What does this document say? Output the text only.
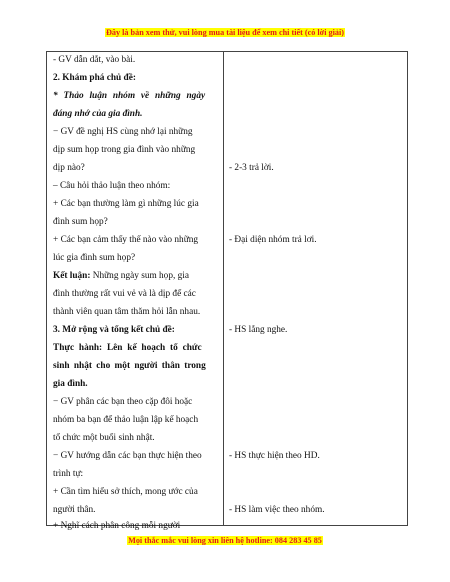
Đây là bản xem thử, vui lòng mua tài liệu để xem chi tiết (có lời giải)
- GV dẫn dắt, vào bài.
2. Khám phá chủ đề:
* Thảo luận nhóm về những ngày
đáng nhớ của gia đình.
− GV đề nghị HS cùng nhớ lại những
dịp sum họp trong gia đình vào những
dịp nào?
– Câu hỏi thảo luận theo nhóm:
+ Các bạn thường làm gì những lúc gia
đình sum họp?
+ Các bạn cảm thấy thế nào vào những
lúc gia đình sum họp?
Kết luận: Những ngày sum họp, gia
đình thường rất vui vẻ và là dịp để các
thành viên quan tâm thăm hỏi lẫn nhau.
3. Mở rộng và tổng kết chủ đề:
Thực hành: Lên kế hoạch tổ chức
sinh nhật cho một người thân trong
gia đình.
− GV phân các bạn theo cặp đôi hoặc
nhóm ba bạn để thảo luận lập kế hoạch
tổ chức một buổi sinh nhật.
− GV hướng dẫn các bạn thực hiện theo
trình tự:
+ Cần tìm hiểu sở thích, mong ước của
người thân.
+ Nghĩ cách phân công mỗi người
- 2-3 trả lời.
- Đại diện nhóm trả lơi.
- HS lắng nghe.
- HS thực hiện theo HD.
- HS làm việc theo nhóm.
Mọi thắc mắc vui lòng xin liên hệ hotline: 084 283 45 85
